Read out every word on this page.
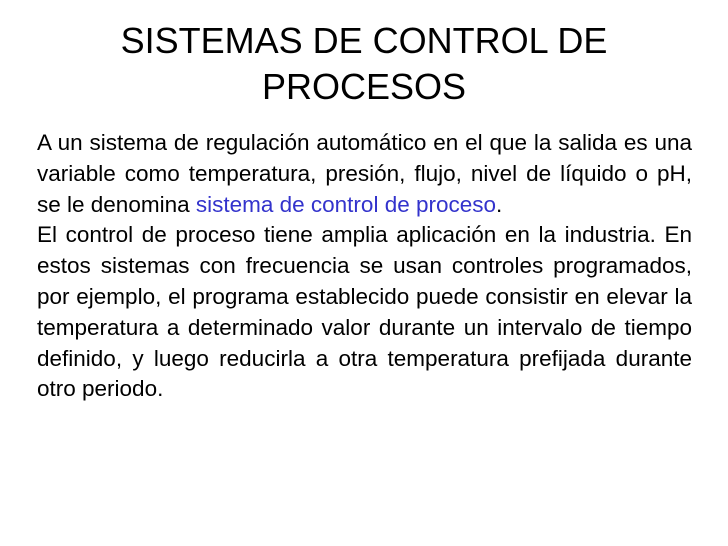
SISTEMAS DE CONTROL DE
PROCESOS

A un sistema de regulación automático en el que la salida es una variable como temperatura, presión, flujo, nivel de líquido o pH, se le denomina sistema de control de proceso.

El control de proceso tiene amplia aplicación en la industria. En estos sistemas con frecuencia se usan controles programados, por ejemplo, el programa establecido puede consistir en elevar la temperatura a determinado valor durante un intervalo de tiempo definido, y luego reducirla a otra temperatura prefijada durante otro periodo.
